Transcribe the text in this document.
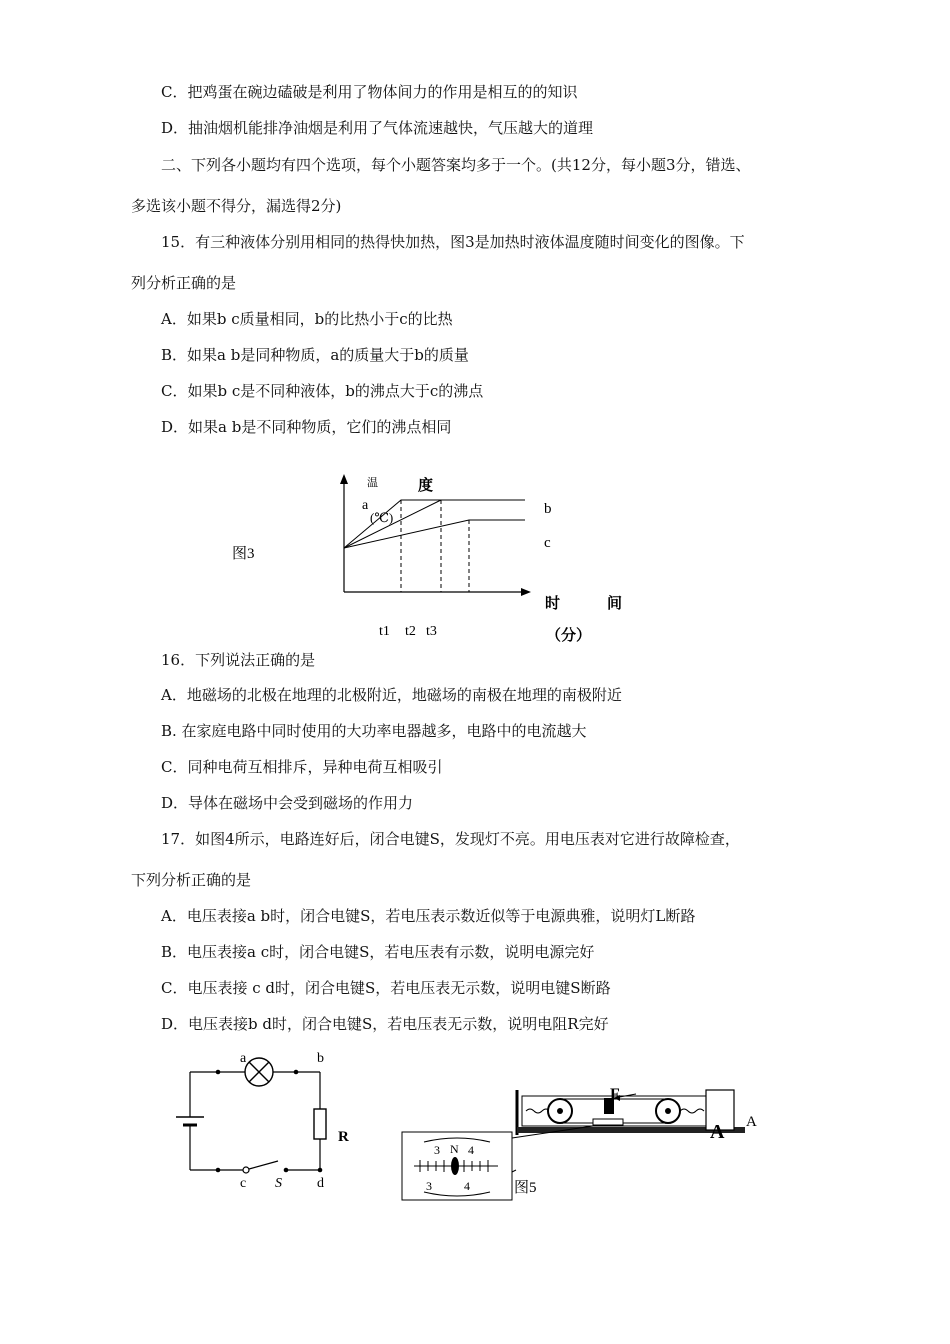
C．把鸡蛋在碗边磕破是利用了物体间力的作用是相互的的知识
D．抽油烟机能排净油烟是利用了气体流速越快，气压越大的道理
二、下列各小题均有四个选项，每个小题答案均多于一个。(共12分，每小题3分，错选、
多选该小题不得分，漏选得2分)
15．有三种液体分别用相同的热得快加热，图3是加热时液体温度随时间变化的图像。下
列分析正确的是
A．如果b c质量相同，b的比热小于c的比热
B．如果a b是同种物质，a的质量大于b的质量
C．如果b c是不同种液体，b的沸点大于c的沸点
D．如果a b是不同种物质，它们的沸点相同
图3
温	度
a
(℃)
b
c
时	间
（分）
t1 t2 t3
16．下列说法正确的是
A．地磁场的北极在地理的北极附近，地磁场的南极在地理的南极附近
B. 在家庭电路中同时使用的大功率电器越多，电路中的电流越大
C．同种电荷互相排斥，异种电荷互相吸引
D．导体在磁场中会受到磁场的作用力
17．如图4所示，电路连好后，闭合电键S，发现灯不亮。用电压表对它进行故障检查，
下列分析正确的是
A．电压表接a b时，闭合电键S，若电压表示数近似等于电源典雅，说明灯L断路
B．电压表接a c时，闭合电键S，若电压表有示数，说明电源完好
C．电压表接 c d时，闭合电键S，若电压表无示数，说明电键S断路
D．电压表接b d时，闭合电键S，若电压表无示数，说明电阻R完好
a	b
c	d
S
R
N
3 4
3	4
F
A A
图5
